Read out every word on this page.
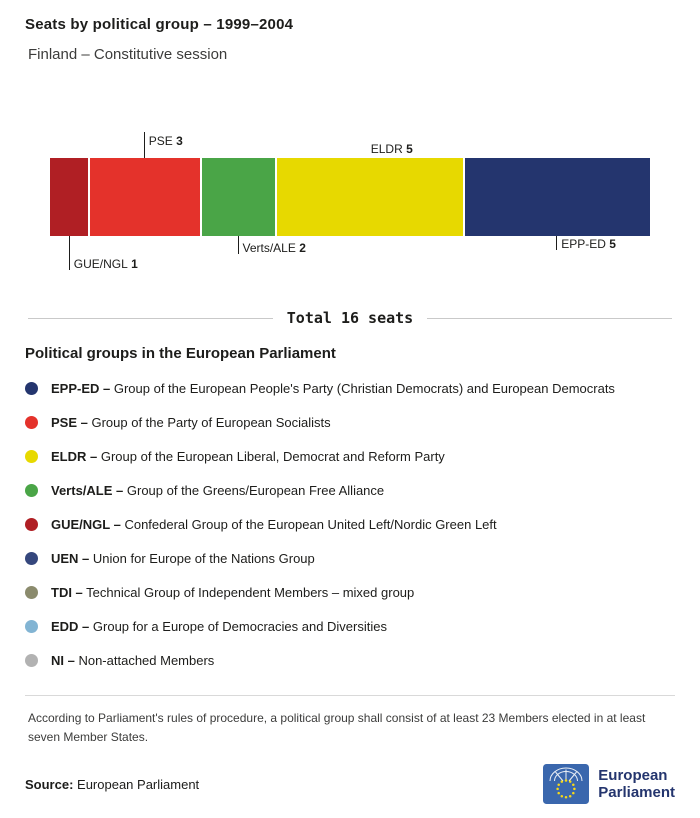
Seats by political group – 1999–2004
Finland – Constitutive session
GUE/NGL 1
PSE 3
Verts/ALE 2
ELDR 5
EPP-ED 5
Total 16 seats
Political groups in the European Parliament
EPP-ED – Group of the European People's Party (Christian Democrats) and European Democrats
PSE – Group of the Party of European Socialists
ELDR – Group of the European Liberal, Democrat and Reform Party
Verts/ALE – Group of the Greens/European Free Alliance
GUE/NGL – Confederal Group of the European United Left/Nordic Green Left
UEN – Union for Europe of the Nations Group
TDI – Technical Group of Independent Members – mixed group
EDD – Group for a Europe of Democracies and Diversities
NI – Non-attached Members
According to Parliament's rules of procedure, a political group shall consist of at least 23 Members elected in at least seven Member States.
Source: European Parliament
European
Parliament
